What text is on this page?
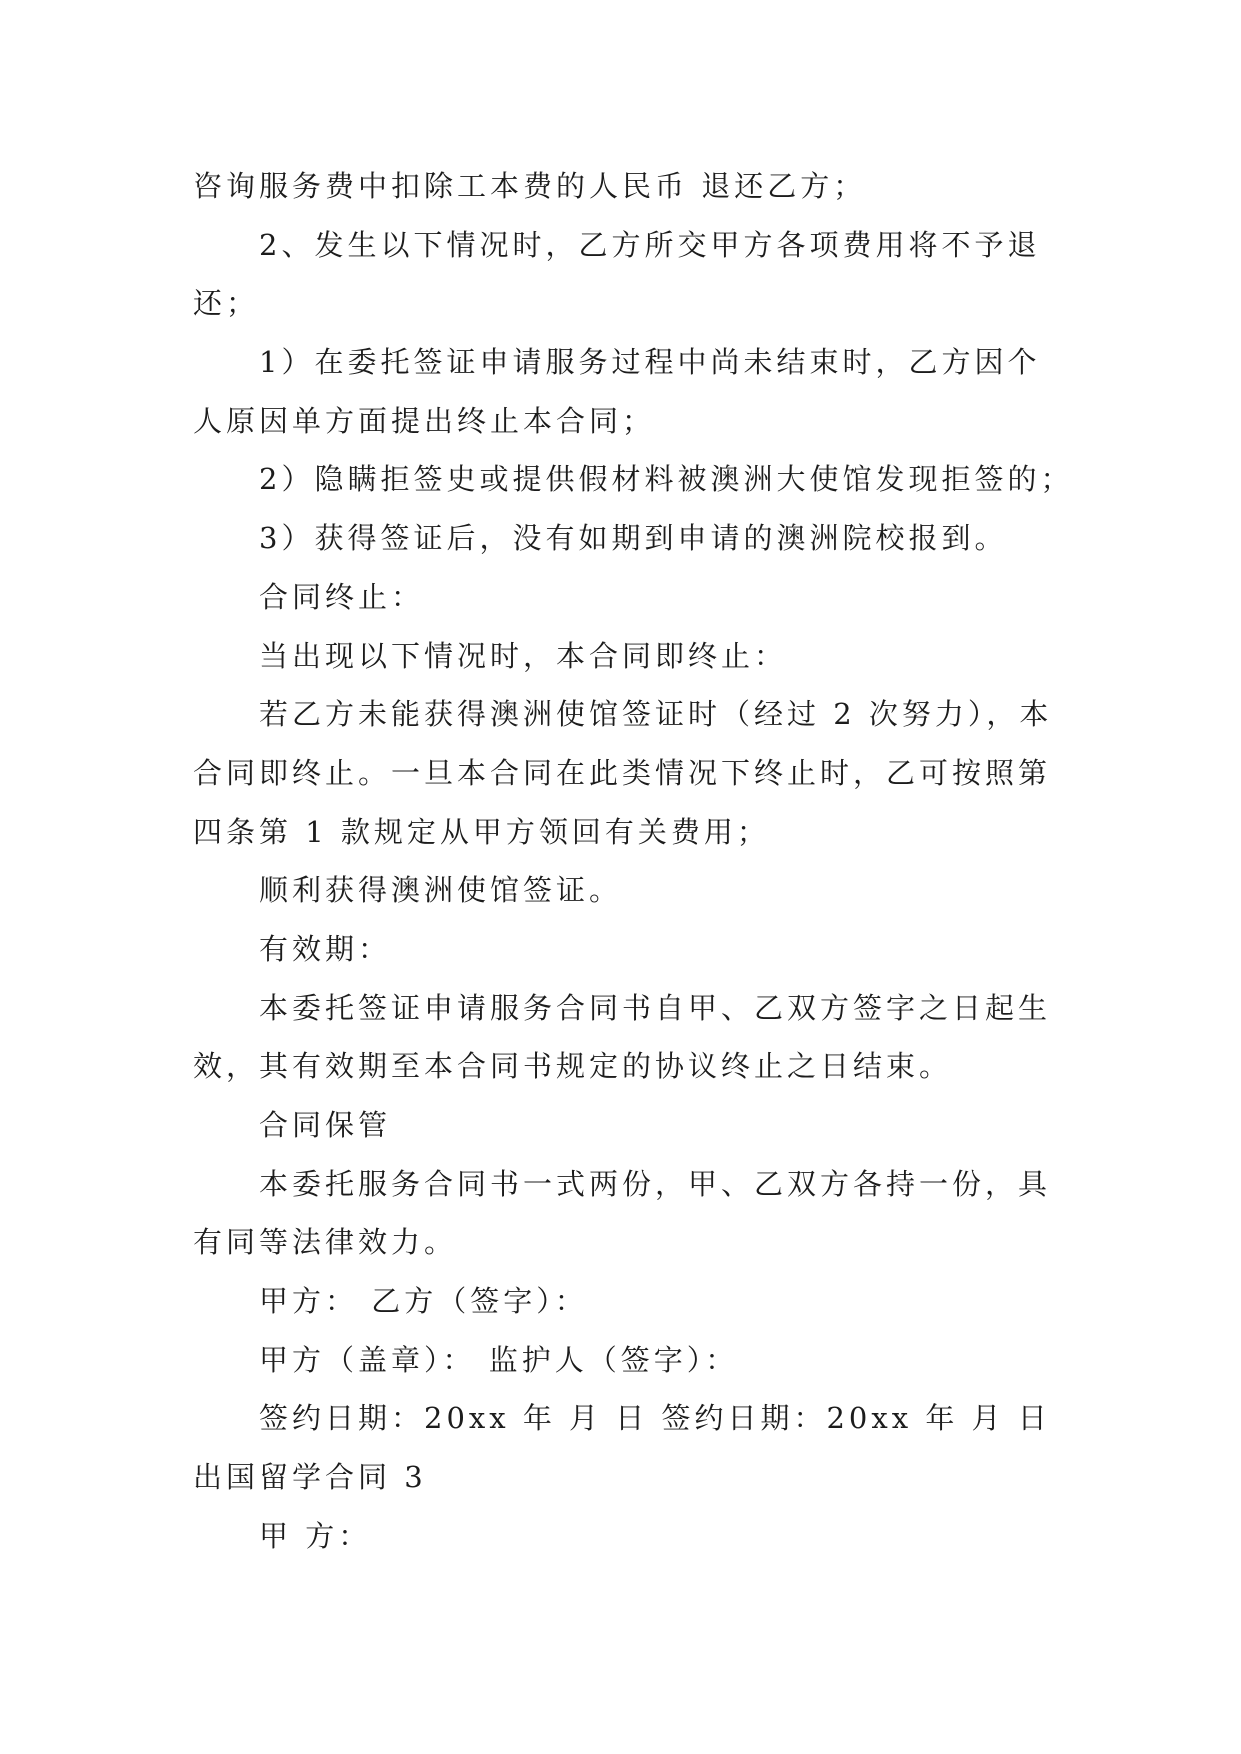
咨询服务费中扣除工本费的人民币 退还乙方；
2、发生以下情况时，乙方所交甲方各项费用将不予退
还；
1）在委托签证申请服务过程中尚未结束时，乙方因个
人原因单方面提出终止本合同；
2）隐瞒拒签史或提供假材料被澳洲大使馆发现拒签的；
3）获得签证后，没有如期到申请的澳洲院校报到。
合同终止：
当出现以下情况时，本合同即终止：
若乙方未能获得澳洲使馆签证时（经过 2 次努力），本
合同即终止。一旦本合同在此类情况下终止时，乙可按照第
四条第 1 款规定从甲方领回有关费用；
顺利获得澳洲使馆签证。
有效期：
本委托签证申请服务合同书自甲、乙双方签字之日起生
效，其有效期至本合同书规定的协议终止之日结束。
合同保管
本委托服务合同书一式两份，甲、乙双方各持一份，具
有同等法律效力。
甲方： 乙方（签字）：
甲方（盖章）： 监护人（签字）：
签约日期：20xx 年 月 日 签约日期：20xx 年 月 日
出国留学合同 3
甲 方：
